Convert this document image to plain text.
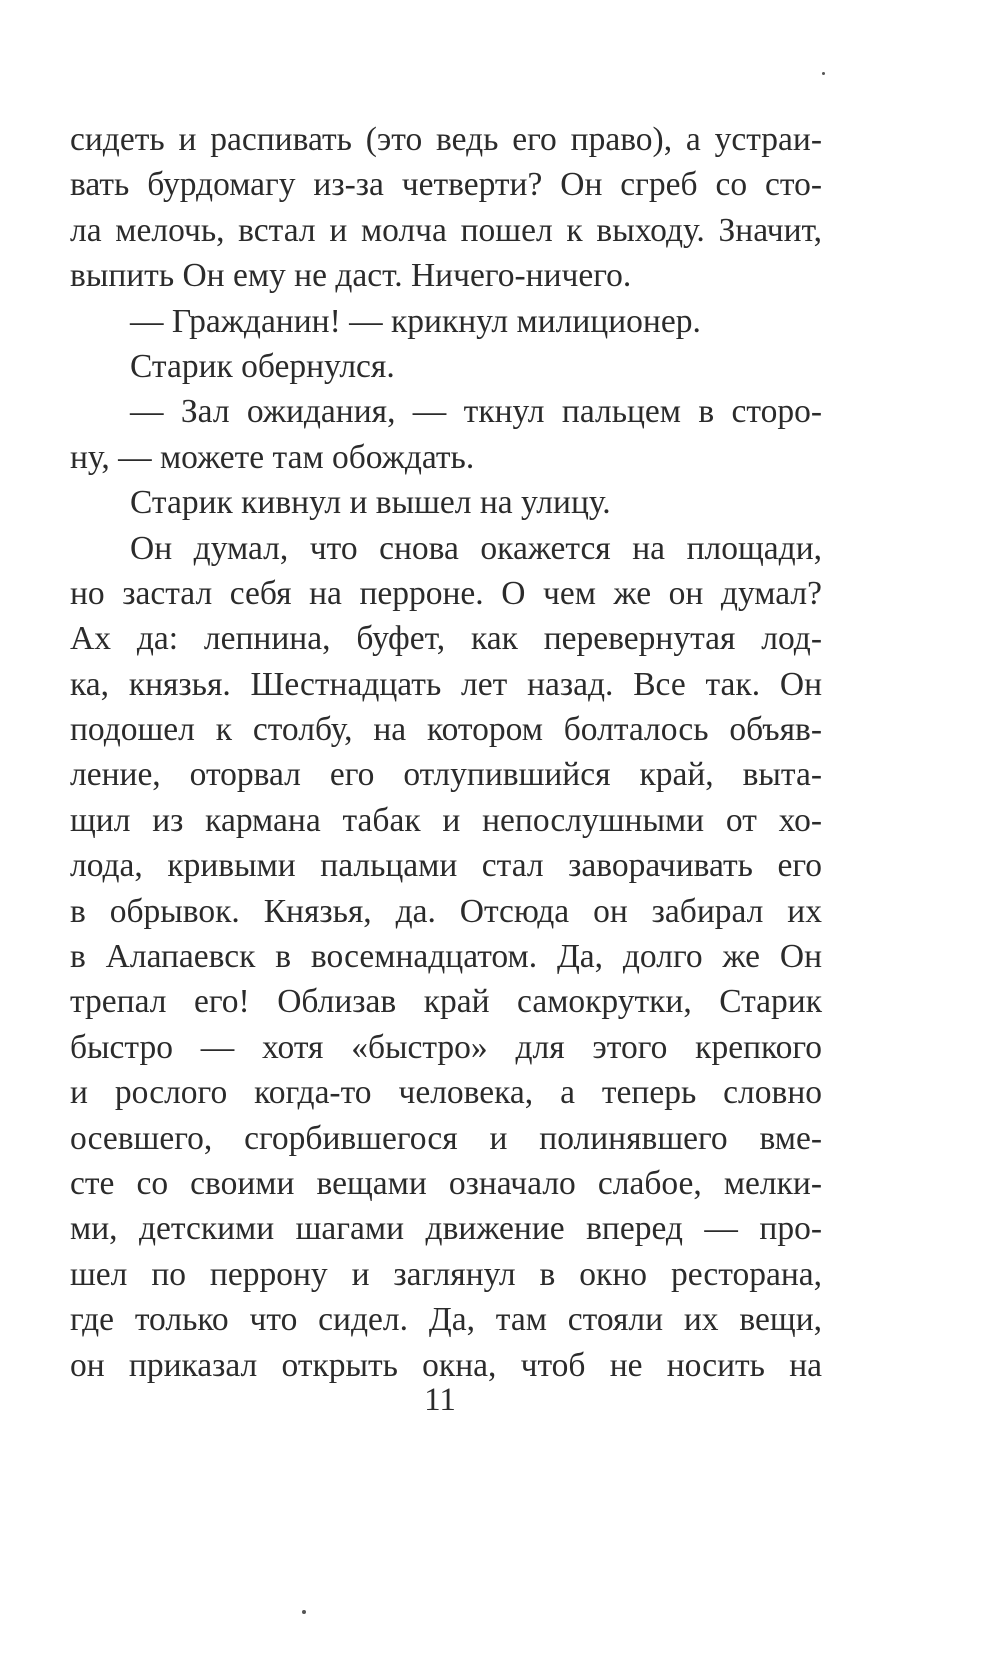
сидеть и распивать (это ведь его право), а устраи-
вать бурдомагу из-за четверти? Он сгреб со сто-
ла мелочь, встал и молча пошел к выходу. Значит,
выпить Он ему не даст. Ничего-ничего.
— Гражданин! — крикнул милиционер.
Старик обернулся.
— Зал ожидания, — ткнул пальцем в сторо-
ну, — можете там обождать.
Старик кивнул и вышел на улицу.
Он думал, что снова окажется на площади,
но застал себя на перроне. О чем же он думал?
Ах да: лепнина, буфет, как перевернутая лод-
ка, князья. Шестнадцать лет назад. Все так. Он
подошел к столбу, на котором болталось объяв-
ление, оторвал его отлупившийся край, выта-
щил из кармана табак и непослушными от хо-
лода, кривыми пальцами стал заворачивать его
в обрывок. Князья, да. Отсюда он забирал их
в Алапаевск в восемнадцатом. Да, долго же Он
трепал его! Облизав край самокрутки, Старик
быстро — хотя «быстро» для этого крепкого
и рослого когда-то человека, а теперь словно
осевшего, сгорбившегося и полинявшего вме-
сте со своими вещами означало слабое, мелки-
ми, детскими шагами движение вперед — про-
шел по перрону и заглянул в окно ресторана,
где только что сидел. Да, там стояли их вещи,
он приказал открыть окна, чтоб не носить на
11
